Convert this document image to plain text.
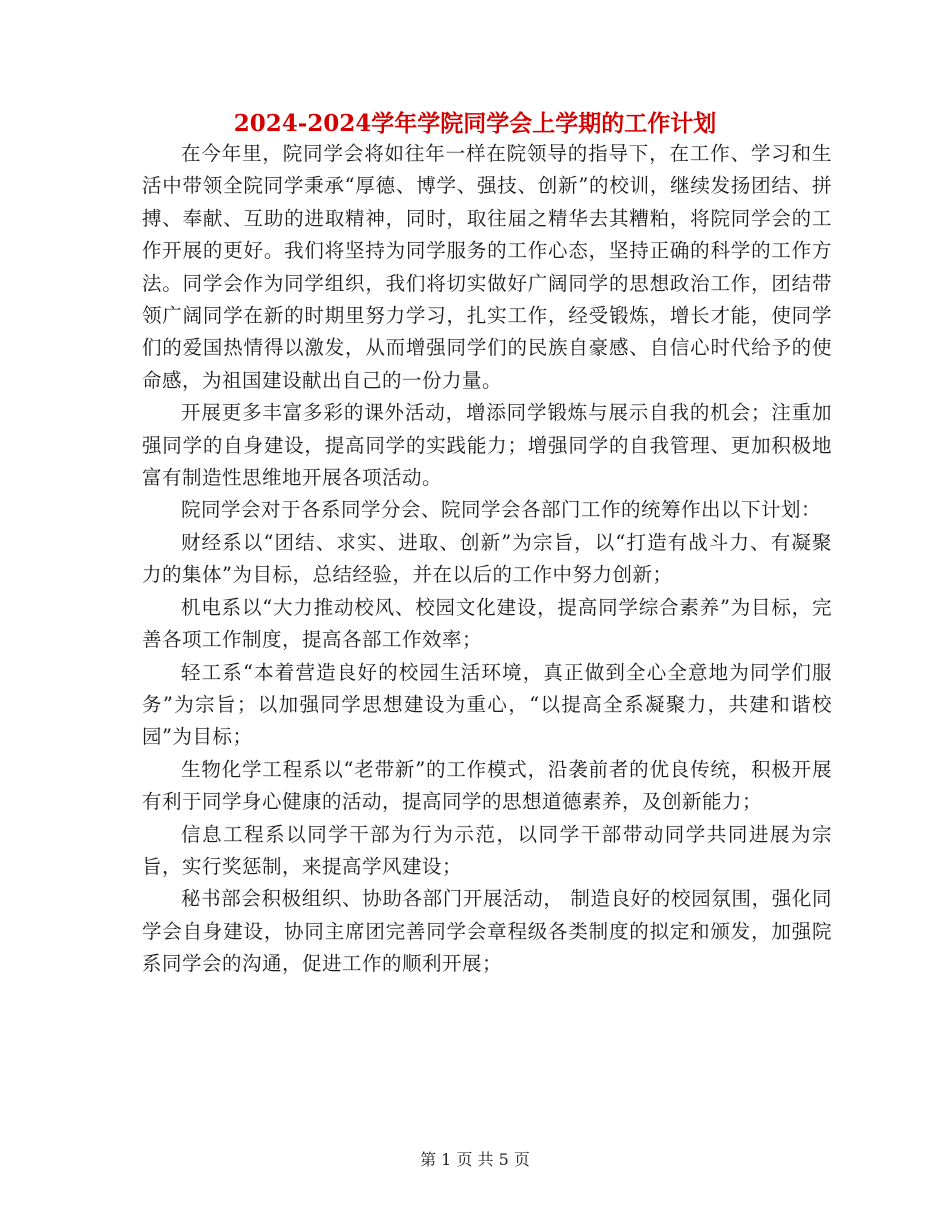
2024-2024学年学院同学会上学期的工作计划

在今年里，院同学会将如往年一样在院领导的指导下，在工作、学习和生活中带领全院同学秉承“厚德、博学、强技、创新”的校训，继续发扬团结、拼搏、奉献、互助的进取精神，同时，取往届之精华去其糟粕，将院同学会的工作开展的更好。我们将坚持为同学服务的工作心态，坚持正确的科学的工作方法。同学会作为同学组织，我们将切实做好广阔同学的思想政治工作，团结带领广阔同学在新的时期里努力学习，扎实工作，经受锻炼，增长才能，使同学们的爱国热情得以激发，从而增强同学们的民族自豪感、自信心时代给予的使命感，为祖国建设献出自己的一份力量。

开展更多丰富多彩的课外活动，增添同学锻炼与展示自我的机会；注重加强同学的自身建设，提高同学的实践能力；增强同学的自我管理、更加积极地富有制造性思维地开展各项活动。

院同学会对于各系同学分会、院同学会各部门工作的统筹作出以下计划：

财经系以“团结、求实、进取、创新”为宗旨，以“打造有战斗力、有凝聚力的集体”为目标，总结经验，并在以后的工作中努力创新；

机电系以“大力推动校风、校园文化建设，提高同学综合素养”为目标，完善各项工作制度，提高各部工作效率；

轻工系“本着营造良好的校园生活环境，真正做到全心全意地为同学们服务”为宗旨；以加强同学思想建设为重心，“以提高全系凝聚力，共建和谐校园”为目标；

生物化学工程系以“老带新”的工作模式，沿袭前者的优良传统，积极开展有利于同学身心健康的活动，提高同学的思想道德素养，及创新能力；

信息工程系以同学干部为行为示范，以同学干部带动同学共同进展为宗旨，实行奖惩制，来提高学风建设；

秘书部会积极组织、协助各部门开展活动， 制造良好的校园氛围，强化同学会自身建设，协同主席团完善同学会章程级各类制度的拟定和颁发，加强院系同学会的沟通，促进工作的顺利开展；

第 1 页 共 5 页
